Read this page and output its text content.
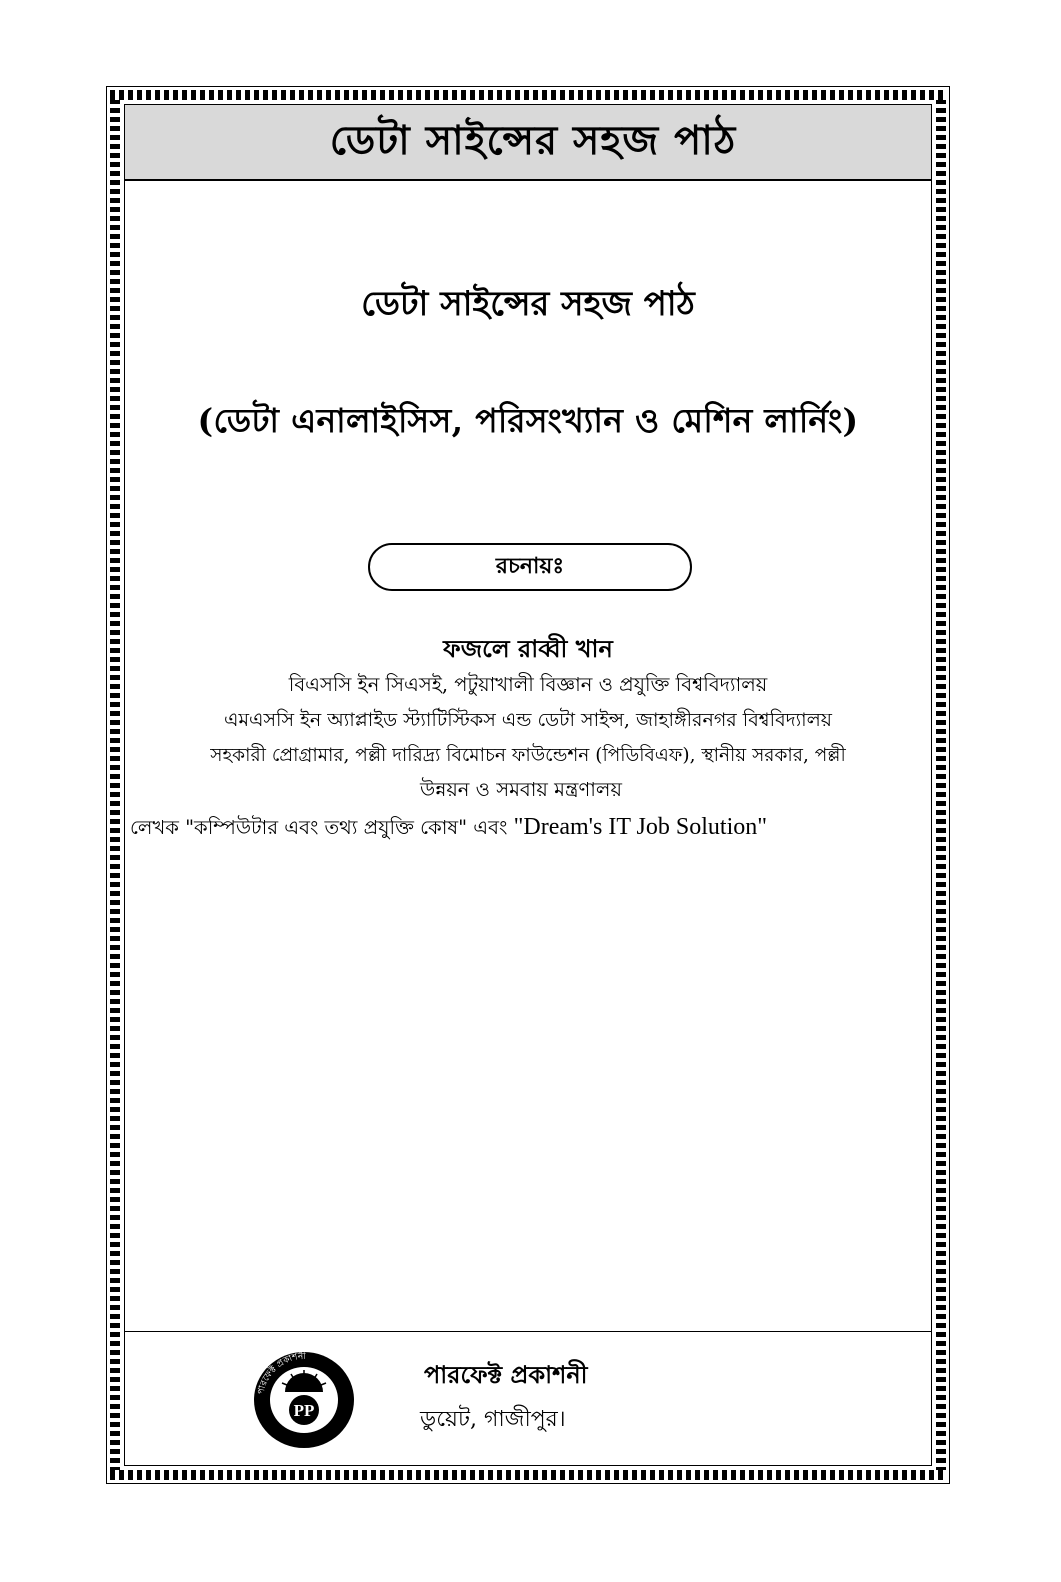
ডেটা সাইন্সের সহজ পাঠ
ডেটা সাইন্সের সহজ পাঠ
(ডেটা এনালাইসিস, পরিসংখ্যান ও মেশিন লার্নিং)
রচনায়ঃ
ফজলে রাব্বী খান
বিএসসি ইন সিএসই, পটুয়াখালী বিজ্ঞান ও প্রযুক্তি বিশ্ববিদ্যালয়
এমএসসি ইন অ্যাপ্লাইড স্ট্যাটিস্টিকস এন্ড ডেটা সাইন্স, জাহাঙ্গীরনগর বিশ্ববিদ্যালয়
সহকারী প্রোগ্রামার, পল্লী দারিদ্র্য বিমোচন ফাউন্ডেশন (পিডিবিএফ), স্থানীয় সরকার, পল্লী
উন্নয়ন ও সমবায় মন্ত্রণালয়
লেখক "কম্পিউটার এবং তথ্য প্রযুক্তি কোষ" এবং "Dream's IT Job Solution"
পারফেক্ট প্রকাশনী
PP
পারফেক্ট প্রকাশনী
ডুয়েট, গাজীপুর।
